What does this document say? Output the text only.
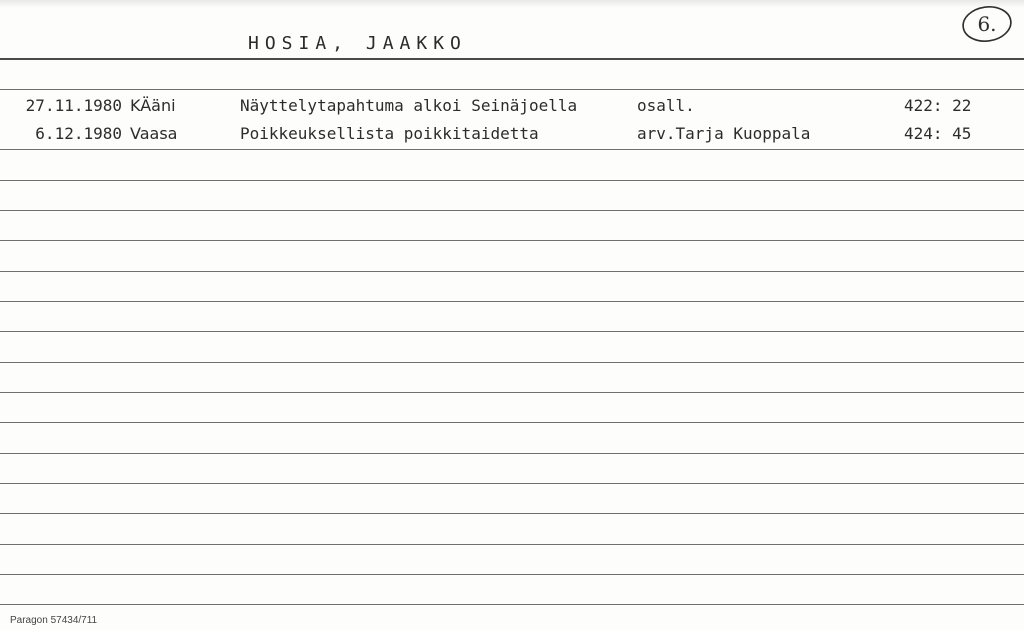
HOSIA, JAAKKO
6.
27.11.1980 KÄäni	Näyttelytapahtuma alkoi Seinäjoella	osall.	422: 22
6.12.1980 Vaasa	Poikkeuksellista poikkitaidetta	arv.Tarja Kuoppala	424: 45
Paragon 57434/711
